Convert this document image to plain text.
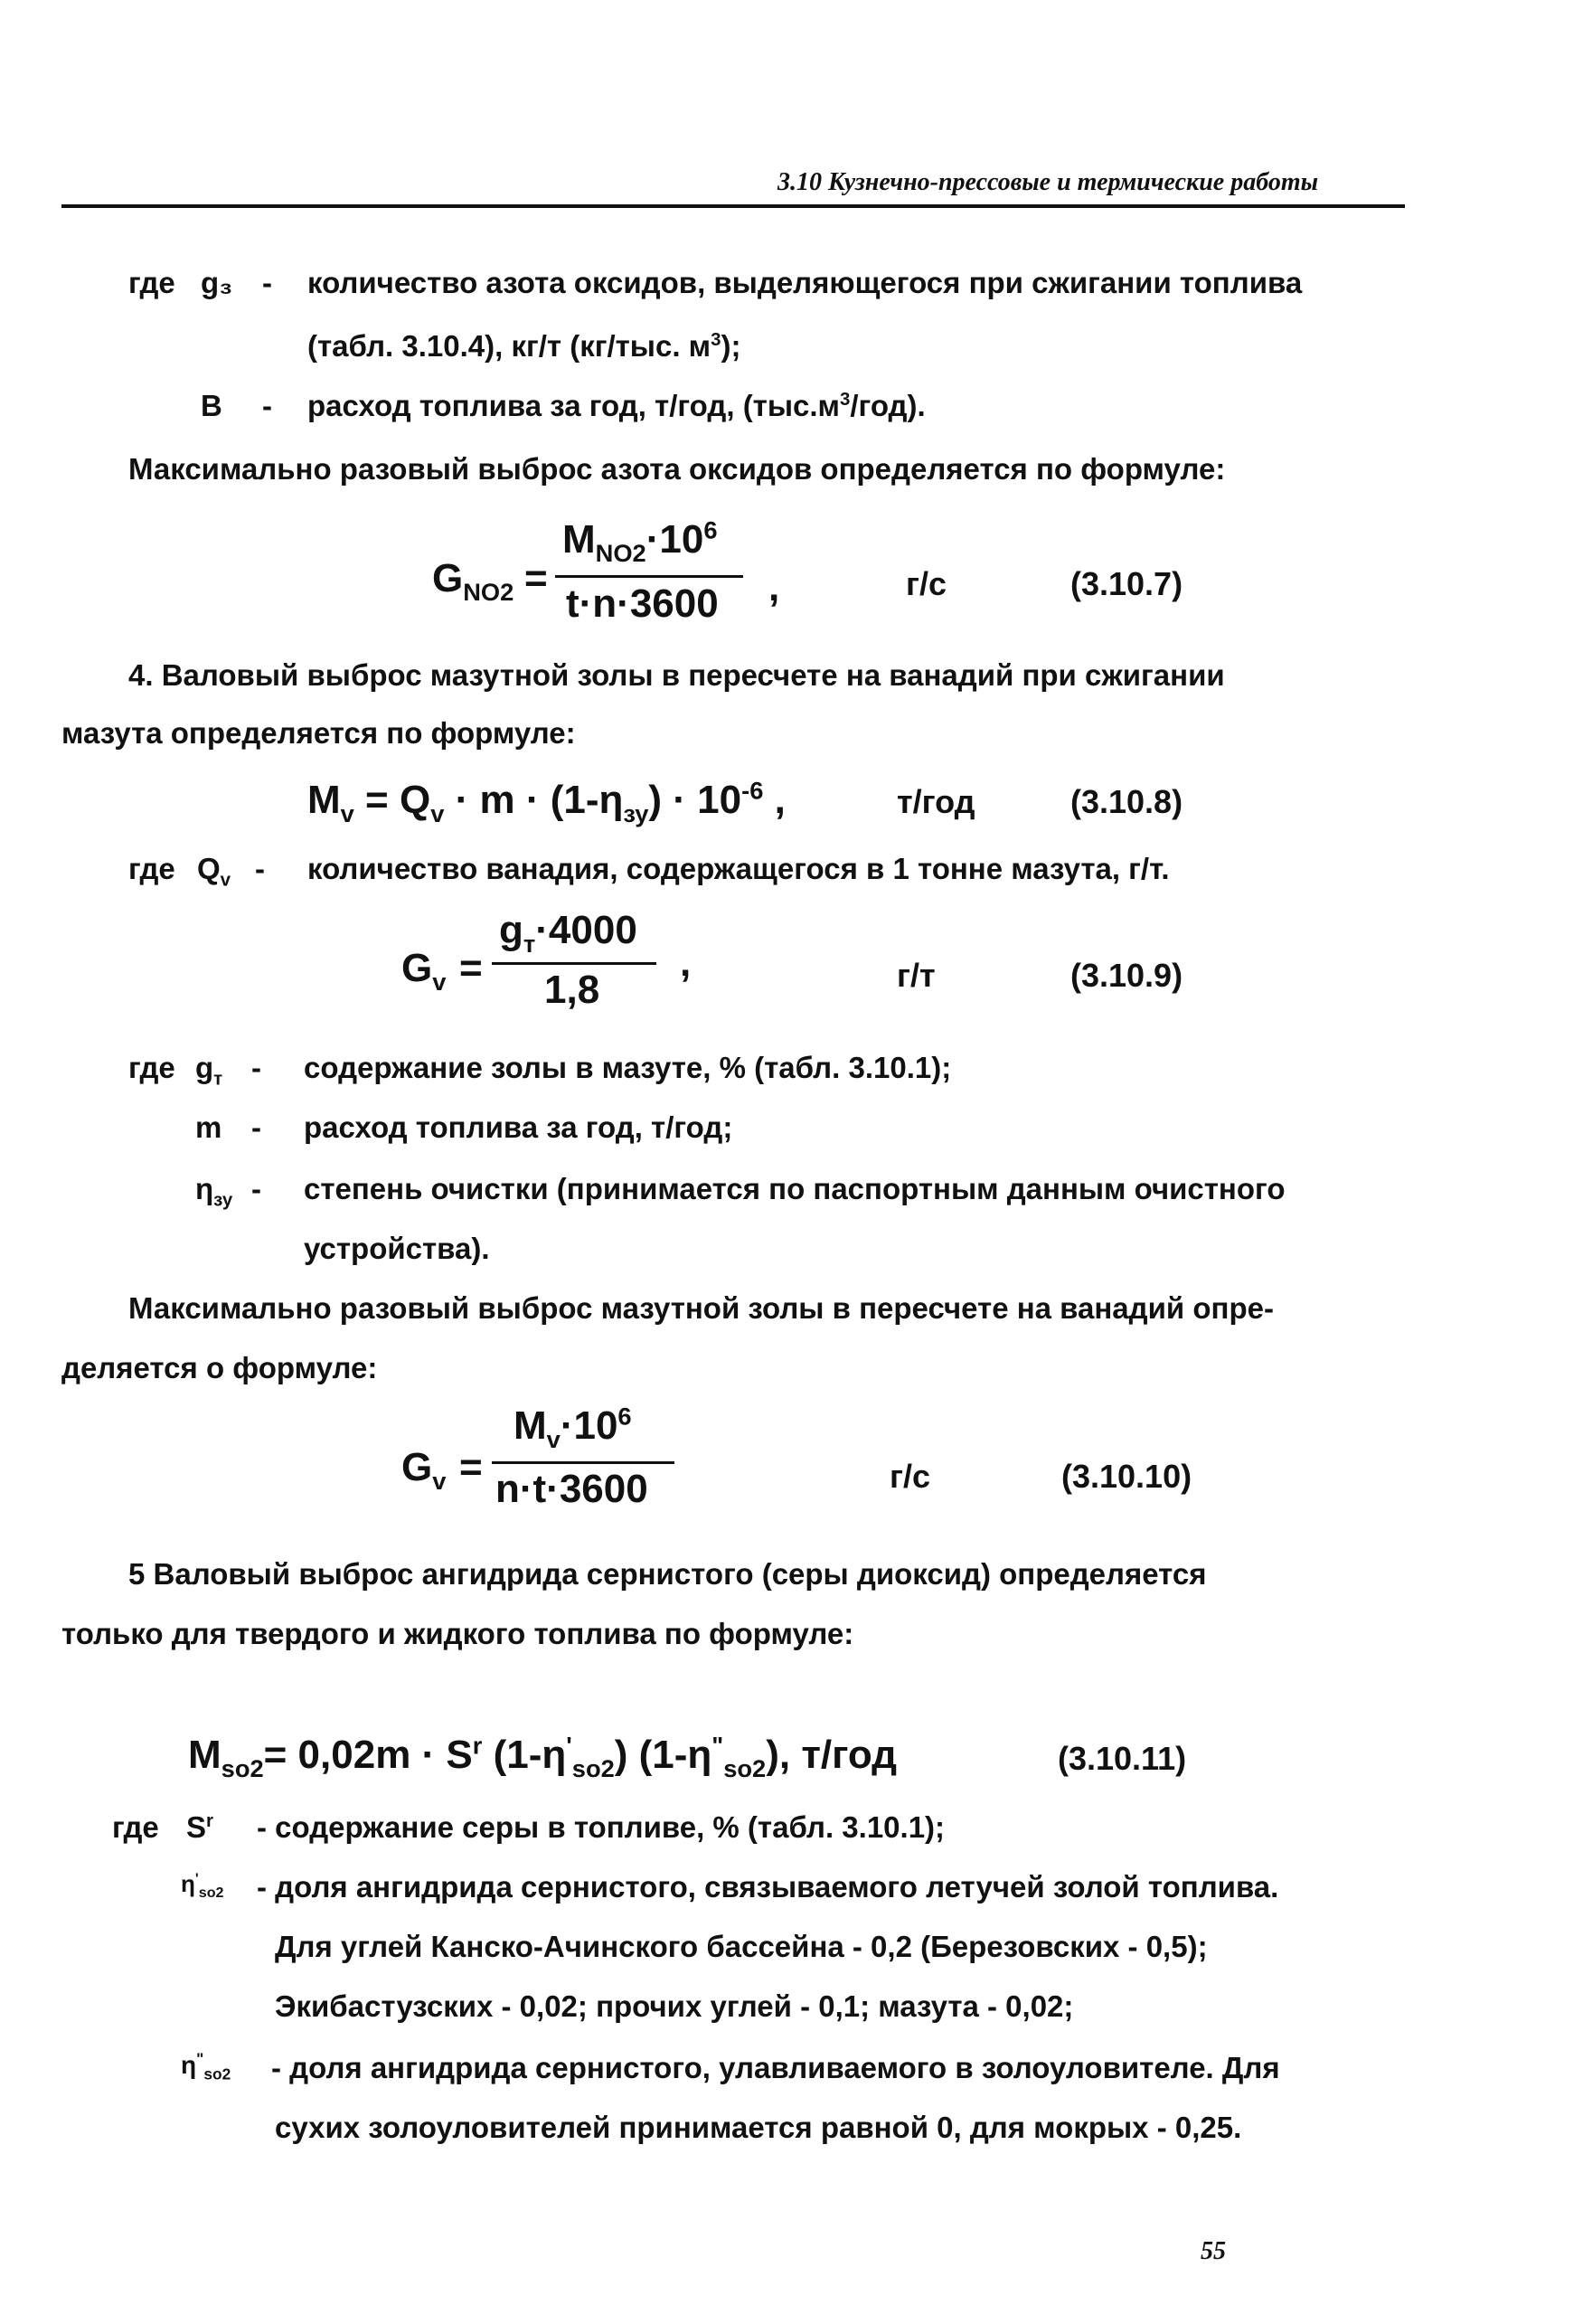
3.10 Кузнечно-прессовые и термические работы
где g₃ - количество азота оксидов, выделяющегося при сжигании топлива
(табл. 3.10.4), кг/т (кг/тыс. $м^3$);
B - расход топлива за год, т/год, $(тыс.м^3/год)$.
Максимально разовый выброс азота оксидов определяется по формуле:
$G_{NO2}$ =
$M_{NO2}\cdot 10^6$
t·n·3600 ,	г/с	(3.10.7)
4. Валовый выброс мазутной золы в пересчете на ванадий при сжигании
мазута определяется по формуле:
$M_v = Q_v \cdot m \cdot (1-\eta_{зу}) \cdot 10^{-6}$ ,	т/год	(3.10.8)
где $Q_v$ - количество ванадия, содержащегося в 1 тонне мазута, г/т.
$G_v$ =
$g_т\cdot 4000$
1,8
,	г/т	(3.10.9)
где $g_т$ - содержание золы в мазуте, % (табл. 3.10.1);
m - расход топлива за год, т/год;
$\eta_{зу}$ - степень очистки (принимается по паспортным данным очистного
устройства).
Максимально разовый выброс мазутной золы в пересчете на ванадий опре-
деляется о формуле:
$G_v$ =
$M_v\cdot 10^6$
n·t·3600	г/с	(3.10.10)
5 Валовый выброс ангидрида сернистого (серы диоксид) определяется
только для твердого и жидкого топлива по формуле:
$M_{so2}= 0,02m \cdot S^r$ $(1-\eta'_{so2})$ $(1-\eta^"_{so2})$, т/год	(3.10.11)
где $S^r$ - содержание серы в топливе, % (табл. 3.10.1);
$\eta'_{so2}$ - доля ангидрида сернистого, связываемого летучей золой топлива.
Для углей Канско-Ачинского бассейна - 0,2 (Березовских - 0,5);
Экибастузских - 0,02; прочих углей - 0,1; мазута - 0,02;
$\eta^"_{so2}$ - доля ангидрида сернистого, улавливаемого в золоуловителе. Для
сухих золоуловителей принимается равной 0, для мокрых - 0,25.
55
